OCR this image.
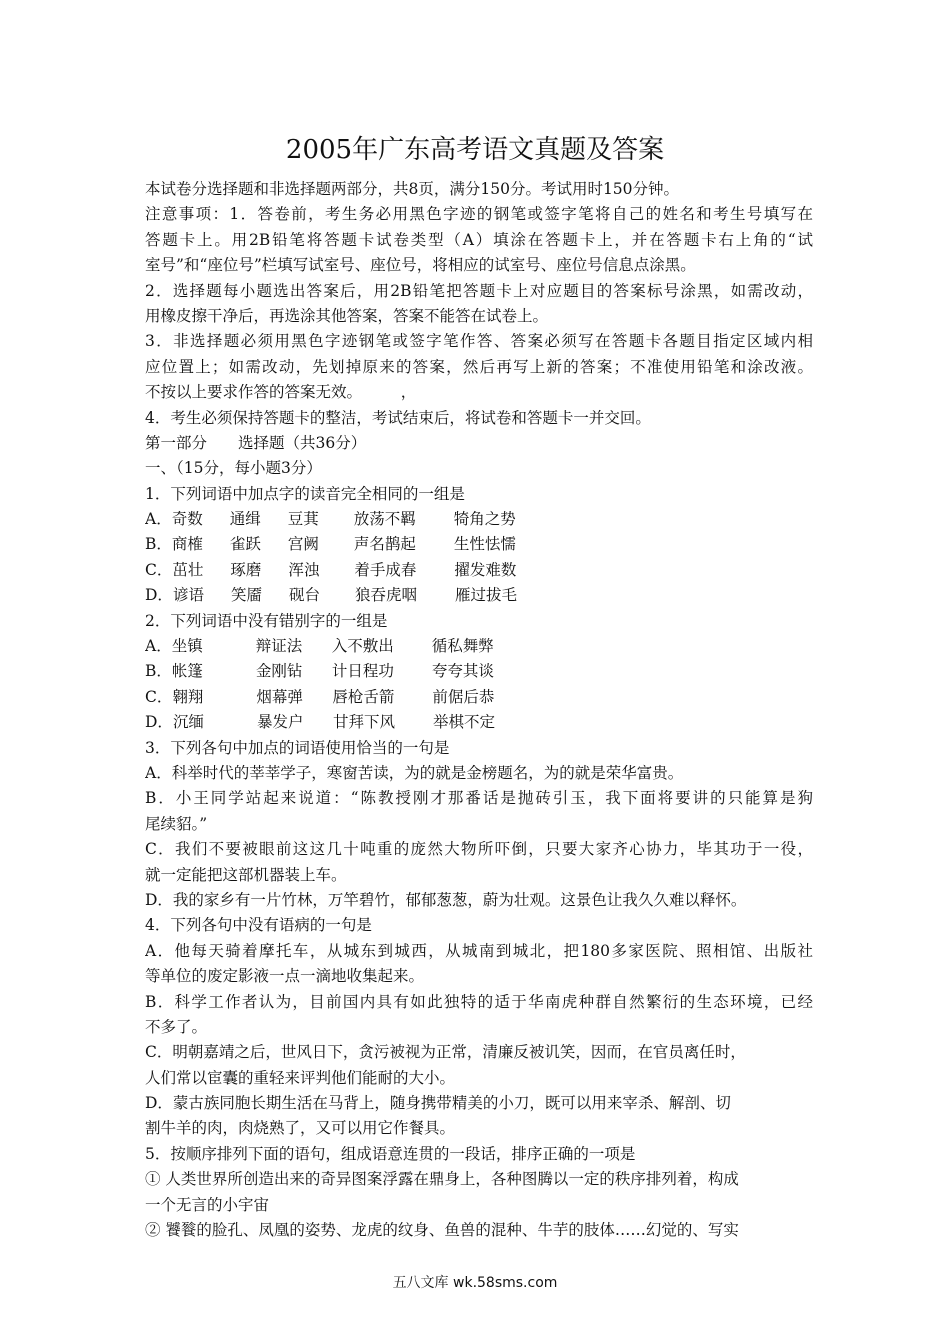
2005年广东高考语文真题及答案
本试卷分选择题和非选择题两部分，共8页，满分150分。考试用时150分钟。
注意事项：1．答卷前，考生务必用黑色字迹的钢笔或签字笔将自己的姓名和考生号填写在
答题卡上。用2B铅笔将答题卡试卷类型（A）填涂在答题卡上，并在答题卡右上角的“试
室号”和“座位号”栏填写试室号、座位号，将相应的试室号、座位号信息点涂黑。
2．选择题每小题选出答案后，用2B铅笔把答题卡上对应题目的答案标号涂黑，如需改动，
用橡皮擦干净后，再选涂其他答案，答案不能答在试卷上。
3．非选择题必须用黑色字迹钢笔或签字笔作答、答案必须写在答题卡各题目指定区域内相
应位置上；如需改动，先划掉原来的答案，然后再写上新的答案；不准使用铅笔和涂改液。
不按以上要求作答的答案无效。　　　，
4．考生必须保持答题卡的整洁，考试结束后，将试卷和答题卡一并交回。
第一部分　　选择题（共36分）
一、（15分，每小题3分）
1．下列词语中加点字的读音完全相同的一组是
A．奇数 通缉 豆萁 放荡不羁 犄角之势
B．商榷 雀跃 宫阙 声名鹊起 生性怯懦
C．茁壮 琢磨 浑浊 着手成春 擢发难数
D．谚语 笑靥 砚台 狼吞虎咽 雁过拔毛
2．下列词语中没有错别字的一组是
A．坐镇	辩证法 入不敷出 循私舞弊
B．帐篷	金刚钻 计日程功 夸夸其谈
C．翱翔	烟幕弹 唇枪舌箭 前倨后恭
D．沉缅	暴发户 甘拜下风 举棋不定
3．下列各句中加点的词语使用恰当的一句是
A．科举时代的莘莘学子，寒窗苦读，为的就是金榜题名，为的就是荣华富贵。
B．小王同学站起来说道：“陈教授刚才那番话是抛砖引玉，我下面将要讲的只能算是狗
尾续貂。”
C．我们不要被眼前这这几十吨重的庞然大物所吓倒，只要大家齐心协力，毕其功于一役，
就一定能把这部机器装上车。
D．我的家乡有一片竹林，万竿碧竹，郁郁葱葱，蔚为壮观。这景色让我久久难以释怀。
4．下列各句中没有语病的一句是
A．他每天骑着摩托车，从城东到城西，从城南到城北，把180多家医院、照相馆、出版社
等单位的废定影液一点一滴地收集起来。
B．科学工作者认为，目前国内具有如此独特的适于华南虎种群自然繁衍的生态环境，已经
不多了。
C．明朝嘉靖之后，世风日下，贪污被视为正常，清廉反被讥笑，因而，在官员离任时，
人们常以宦囊的重轻来评判他们能耐的大小。
D．蒙古族同胞长期生活在马背上，随身携带精美的小刀，既可以用来宰杀、解剖、切
割牛羊的肉，肉烧熟了，又可以用它作餐具。
5．按顺序排列下面的语句，组成语意连贯的一段话，排序正确的一项是
① 人类世界所创造出来的奇异图案浮露在鼎身上，各种图腾以一定的秩序排列着，构成
一个无言的小宇宙
② 饕餮的脸孔、凤凰的姿势、龙虎的纹身、鱼兽的混种、牛芋的肢体……幻觉的、写实
五八文库 wk.58sms.com
